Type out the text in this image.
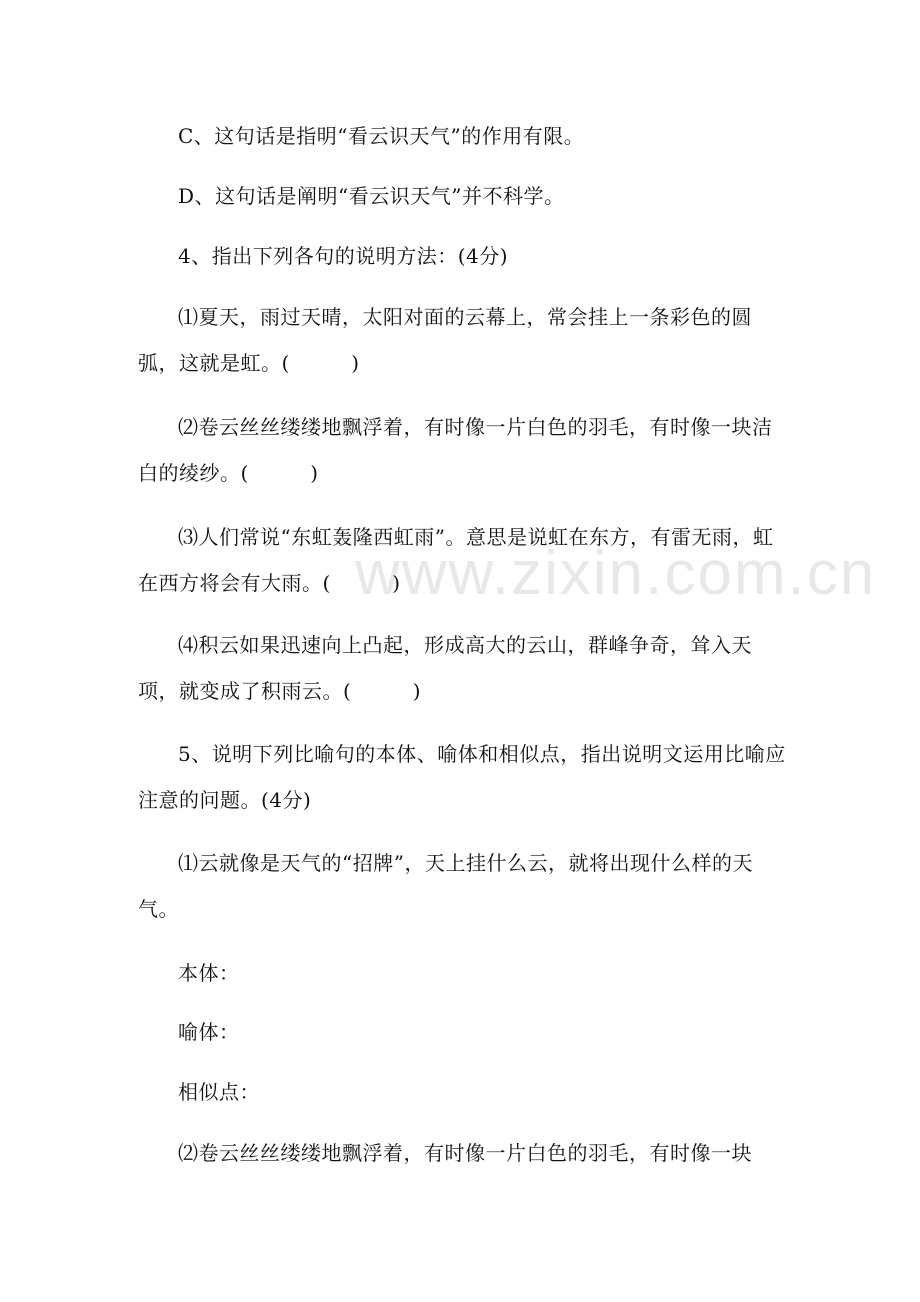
www.zixin.com.cn

C、这句话是指明“看云识天气”的作用有限。

D、这句话是阐明“看云识天气”并不科学。

4、指出下列各句的说明方法：(4分)

⑴夏天，雨过天晴，太阳对面的云幕上，常会挂上一条彩色的圆弧，这就是虹。(　　　)

⑵卷云丝丝缕缕地飘浮着，有时像一片白色的羽毛，有时像一块洁白的绫纱。(　　　)

⑶人们常说“东虹轰隆西虹雨”。意思是说虹在东方，有雷无雨，虹在西方将会有大雨。(　　　)

⑷积云如果迅速向上凸起，形成高大的云山，群峰争奇，耸入天项，就变成了积雨云。(　　　)

5、说明下列比喻句的本体、喻体和相似点，指出说明文运用比喻应注意的问题。(4分)

⑴云就像是天气的“招牌”，天上挂什么云，就将出现什么样的天气。

本体：

喻体：

相似点：

⑵卷云丝丝缕缕地飘浮着，有时像一片白色的羽毛，有时像一块
